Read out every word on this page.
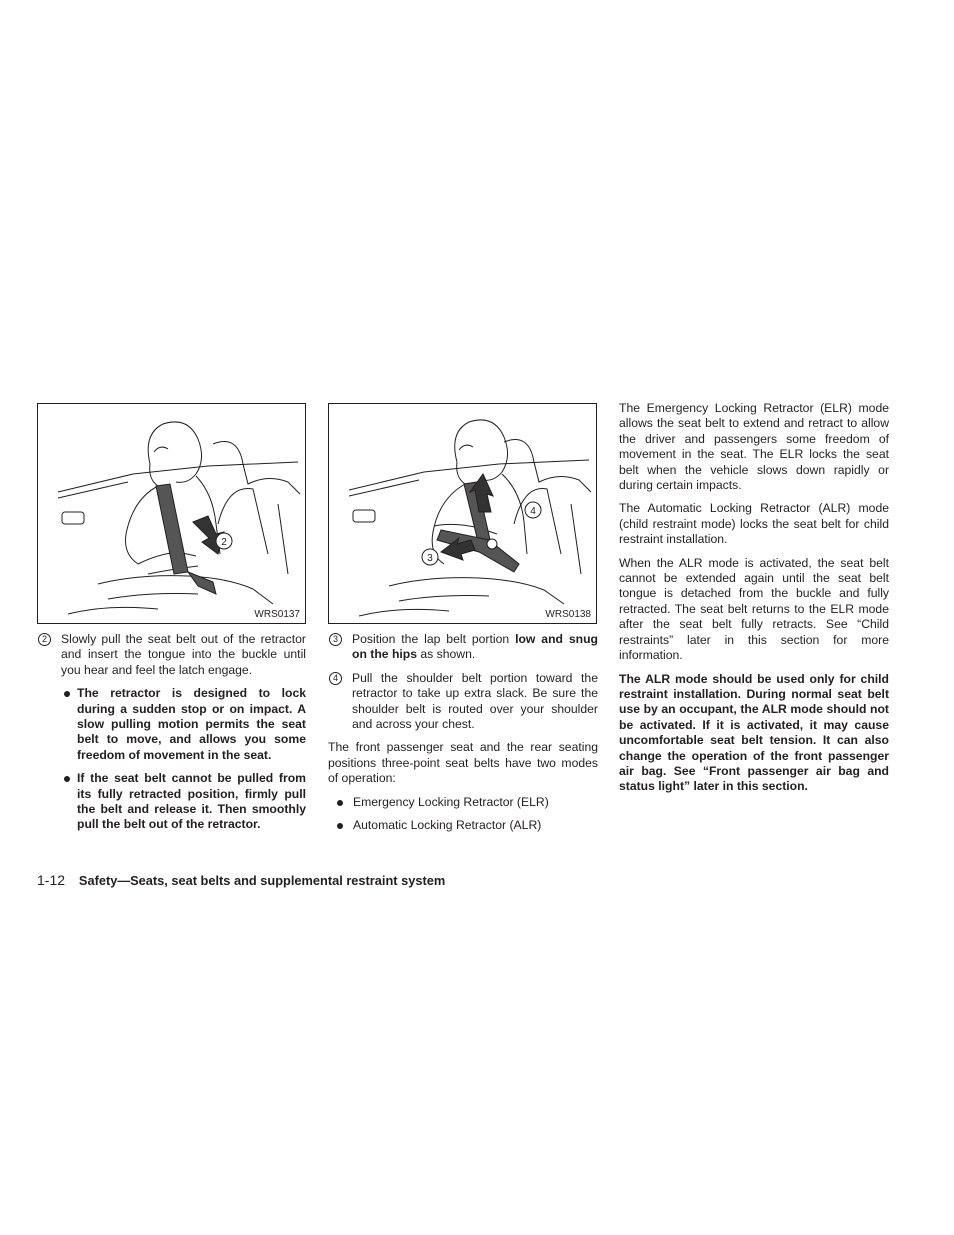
2
WRS0137
2	Slowly pull the seat belt out of the retractor and insert the tongue into the buckle until you hear and feel the latch engage.
The retractor is designed to lock during a sudden stop or on impact. A slow pulling motion permits the seat belt to move, and allows you some freedom of movement in the seat.
If the seat belt cannot be pulled from its fully retracted position, firmly pull the belt and release it. Then smoothly pull the belt out of the retractor.
4
3
WRS0138
3	Position the lap belt portion low and snug on the hips as shown.
4	Pull the shoulder belt portion toward the retractor to take up extra slack. Be sure the shoulder belt is routed over your shoulder and across your chest.

The front passenger seat and the rear seating positions three-point seat belts have two modes of operation:

Emergency Locking Retractor (ELR)
Automatic Locking Retractor (ALR)

The Emergency Locking Retractor (ELR) mode allows the seat belt to extend and retract to allow the driver and passengers some freedom of movement in the seat. The ELR locks the seat belt when the vehicle slows down rapidly or during certain impacts.

The Automatic Locking Retractor (ALR) mode (child restraint mode) locks the seat belt for child restraint installation.

When the ALR mode is activated, the seat belt cannot be extended again until the seat belt tongue is detached from the buckle and fully retracted. The seat belt returns to the ELR mode after the seat belt fully retracts. See “Child restraints” later in this section for more information.

The ALR mode should be used only for child restraint installation. During normal seat belt use by an occupant, the ALR mode should not be activated. If it is activated, it may cause uncomfortable seat belt tension. It can also change the operation of the front passenger air bag. See “Front passenger air bag and status light” later in this section.

1-12 Safety—Seats, seat belts and supplemental restraint system
